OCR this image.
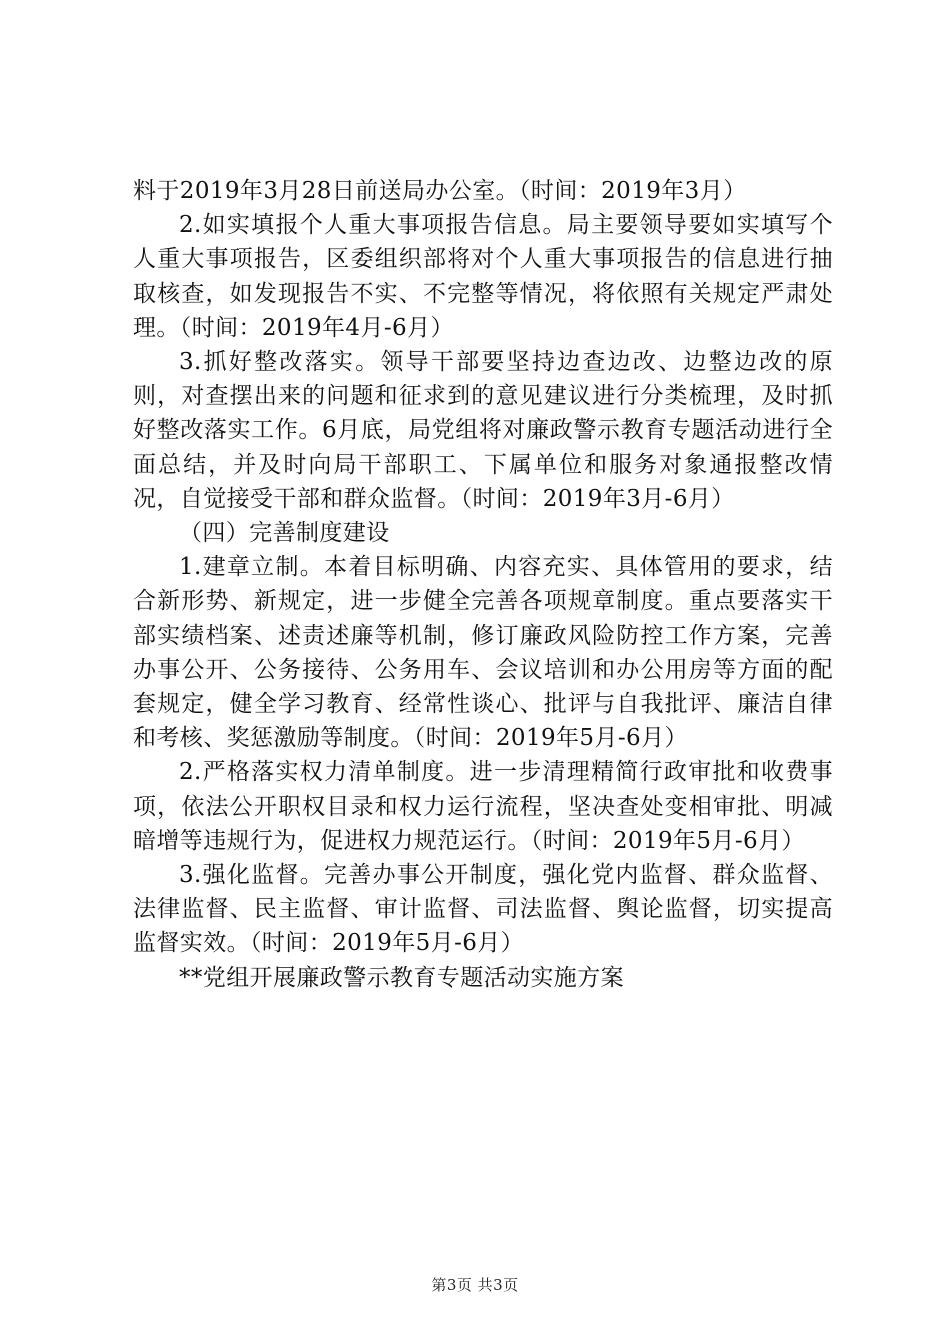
料于2019年3月28日前送局办公室。（时间：2019年3月）

2.如实填报个人重大事项报告信息。局主要领导要如实填写个人重大事项报告，区委组织部将对个人重大事项报告的信息进行抽取核查，如发现报告不实、不完整等情况，将依照有关规定严肃处理。（时间：2019年4月-6月）

3.抓好整改落实。领导干部要坚持边查边改、边整边改的原则，对查摆出来的问题和征求到的意见建议进行分类梳理，及时抓好整改落实工作。6月底，局党组将对廉政警示教育专题活动进行全面总结，并及时向局干部职工、下属单位和服务对象通报整改情况，自觉接受干部和群众监督。（时间：2019年3月-6月）

（四）完善制度建设

1.建章立制。本着目标明确、内容充实、具体管用的要求，结合新形势、新规定，进一步健全完善各项规章制度。重点要落实干部实绩档案、述责述廉等机制，修订廉政风险防控工作方案，完善办事公开、公务接待、公务用车、会议培训和办公用房等方面的配套规定，健全学习教育、经常性谈心、批评与自我批评、廉洁自律和考核、奖惩激励等制度。（时间：2019年5月-6月）

2.严格落实权力清单制度。进一步清理精简行政审批和收费事项，依法公开职权目录和权力运行流程，坚决查处变相审批、明减暗增等违规行为，促进权力规范运行。（时间：2019年5月-6月）

3.强化监督。完善办事公开制度，强化党内监督、群众监督、法律监督、民主监督、审计监督、司法监督、舆论监督，切实提高监督实效。（时间：2019年5月-6月）

**党组开展廉政警示教育专题活动实施方案

第3页 共3页
